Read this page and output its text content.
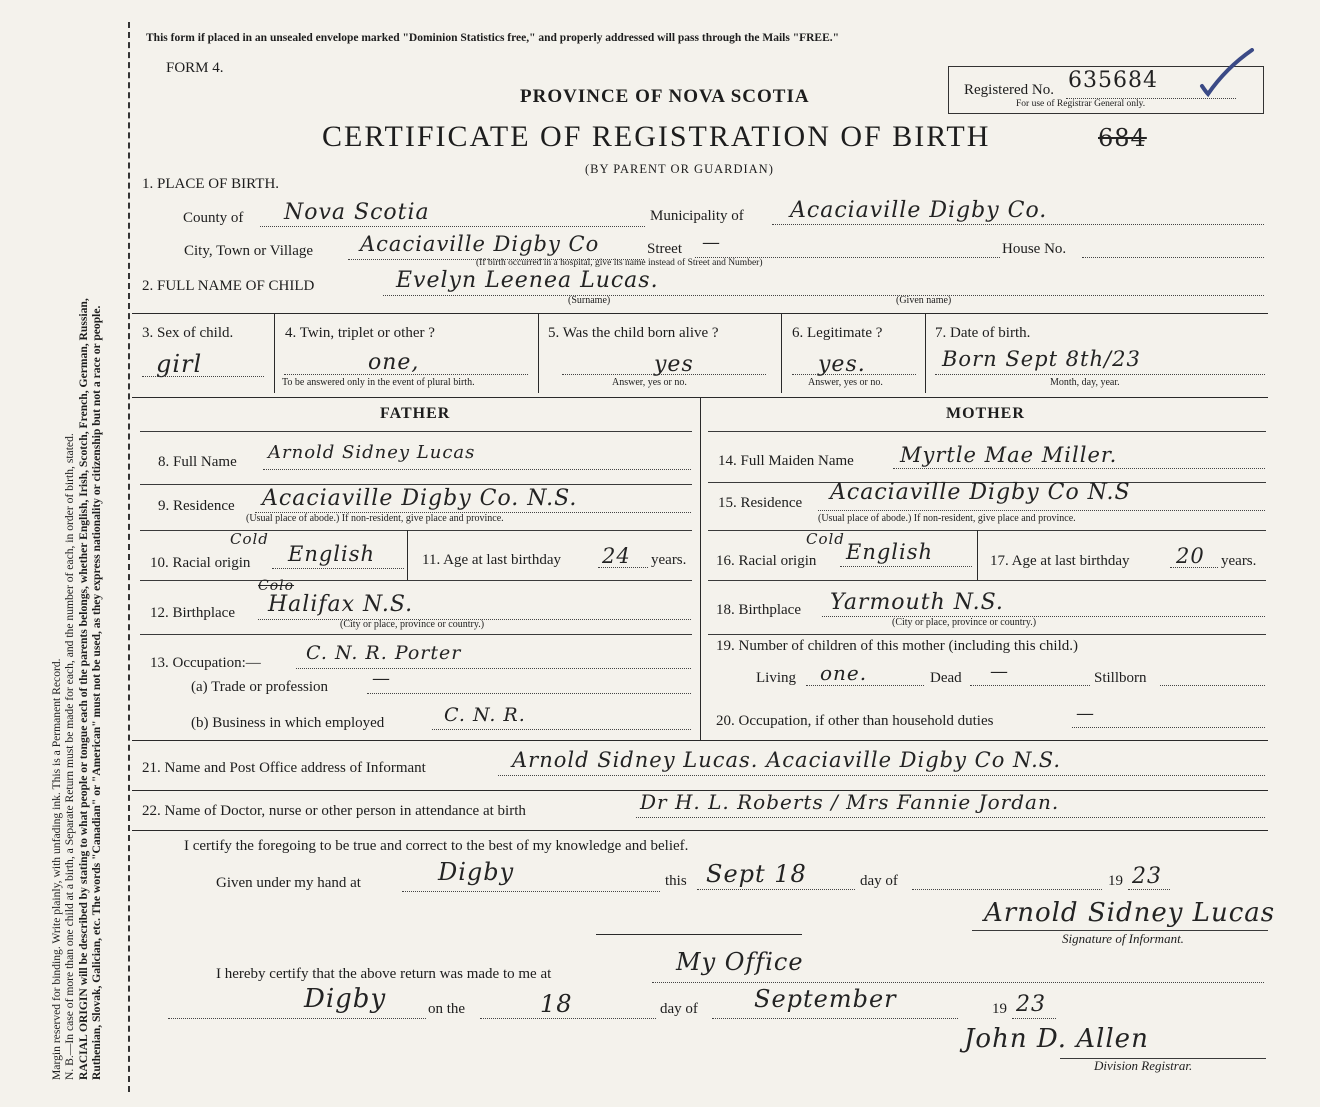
Margin reserved for binding. Write plainly, with unfading ink. This is a Permanent Record. N. B.—In case of more than one child at a birth, a Separate Return must be made for each, and the number of each, in order of birth, stated. RACIAL ORIGIN will be described by stating to what people or tongue each of the parents belongs, whether English, Irish, Scotch, French, German, Russian, Ruthenian, Slovak, Galician, etc. The words "Canadian" or "American" must not be used, as they express nationality or citizenship but not a race or people.
This form if placed in an unsealed envelope marked "Dominion Statistics free," and properly addressed will pass through the Mails "FREE."
FORM 4.
PROVINCE OF NOVA SCOTIA
CERTIFICATE OF REGISTRATION OF BIRTH	684
(BY PARENT OR GUARDIAN)
Registered No. 635684
For use of Registrar General only.
1. PLACE OF BIRTH.
County of Nova Scotia	Municipality of Acaciaville Digby Co.
City, Town or Village Acaciaville Digby Co	Street —	House No.
(If birth occurred in a hospital, give its name instead of Street and Number)
2. FULL NAME OF CHILD	Evelyn Leenea Lucas.
(Surname)	(Given name)
3. Sex of child.
girl
4. Twin, triplet or other ?
one,
To be answered only in the event of plural birth.
5. Was the child born alive ?
yes
Answer, yes or no.
6. Legitimate ?
yes.
Answer, yes or no.
7. Date of birth.
Born Sept 8th/23
Month, day, year.
FATHER
8. Full Name Arnold Sidney Lucas
9. Residence Acaciaville Digby Co. N.S.
(Usual place of abode.) If non-resident, give place and province.
Cold
10. Racial origin English	11. Age at last birthday 24 years.
Colo
12. Birthplace Halifax N.S.
(City or place, province or country.)
13. Occupation:— C. N. R. Porter
(a) Trade or profession —
(b) Business in which employed	C. N. R.
MOTHER
14. Full Maiden Name Myrtle Mae Miller.
15. Residence Acaciaville Digby Co N.S
(Usual place of abode.) If non-resident, give place and province.
Cold
16. Racial origin English	17. Age at last birthday 20 years.
18. Birthplace Yarmouth N.S.
(City or place, province or country.)
19. Number of children of this mother (including this child.)
Living one.	Dead —	Stillborn
20. Occupation, if other than household duties	—
21. Name and Post Office address of Informant	Arnold Sidney Lucas. Acaciaville Digby Co N.S.
22. Name of Doctor, nurse or other person in attendance at birth	Dr H. L. Roberts / Mrs Fannie Jordan.
I certify the foregoing to be true and correct to the best of my knowledge and belief.
Given under my hand at	Digby	this Sept 18	day of	19 23
Arnold Sidney Lucas
Signature of Informant.
I hereby certify that the above return was made to me at	My Office
Digby	on the	18	day of September	19 23
John D. Allen
Division Registrar.
